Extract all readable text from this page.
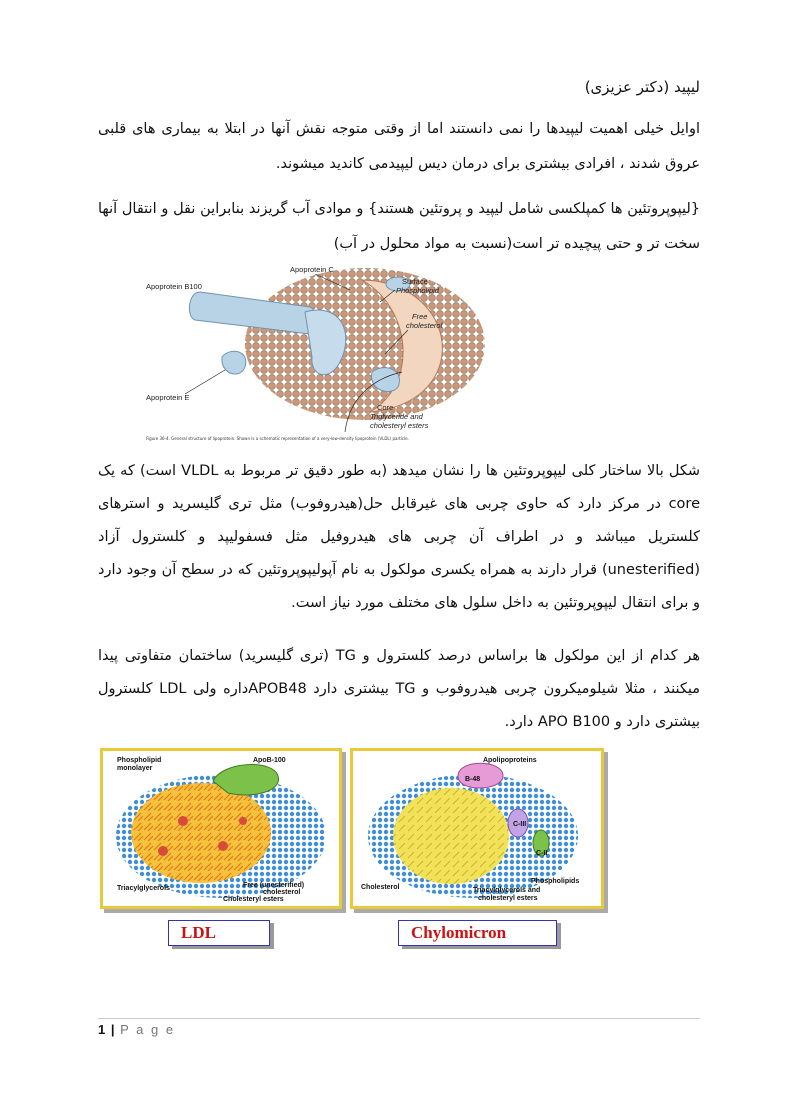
لیپید (دکتر عزیزی)
اوایل خیلی اهمیت لیپیدها را نمی دانستند اما از وقتی متوجه نقش آنها در ابتلا به بیماری های قلبی عروق شدند ، افرادی بیشتری برای درمان دیس لیپیدمی کاندید میشوند.
{لیپوپروتئین ها کمپلکسی شامل لیپید و پروتئین هستند} و موادی آب گریزند بنابراین نقل و انتقال آنها سخت تر و حتی پیچیده تر است(نسبت به مواد محلول در آب)
Apoprotein C
Apoprotein B100
Surface
Phospholipid
Free
cholesterol
Apoprotein E
Core
Triglyceride and
cholesteryl esters
Figure 36-4. General structure of lipoprotein. Shown is a schematic representation of a very-low-density lipoprotein (VLDL) particle.
شکل بالا ساختار کلی لیپوپروتئین ها را نشان میدهد (به طور دقیق تر مربوط به VLDL است) که یک core در مرکز دارد که حاوی چربی های غیرقابل حل(هیدروفوب) مثل تری گلیسرید و استرهای کلستریل میباشد و در اطراف آن چربی های هیدروفیل مثل فسفولیپد و کلسترول آزاد (unesterified) قرار دارند به همراه یکسری مولکول به نام آپولیپوپروتئین که در سطح آن وجود دارد و برای انتقال لیپوپروتئین به داخل سلول های مختلف مورد نیاز است.
هر کدام از این مولکول ها براساس درصد کلسترول و TG (تری گلیسرید) ساختمان متفاوتی پیدا میکنند ، مثلا شیلومیکرون چربی هیدروفوب و TG بیشتری دارد APOB48داره ولی LDL کلسترول بیشتری دارد و APO B100 دارد.
Phospholipid
monolayer
ApoB-100
Triacylglycerols	Free (unesterified)
cholesterol
Cholesteryl esters
LDL
Apolipoproteins
B-48
C-III
C-II
Cholesterol
Phospholipids
Triacylglycerols and
cholesteryl esters
Chylomicron
1 | P a g e
